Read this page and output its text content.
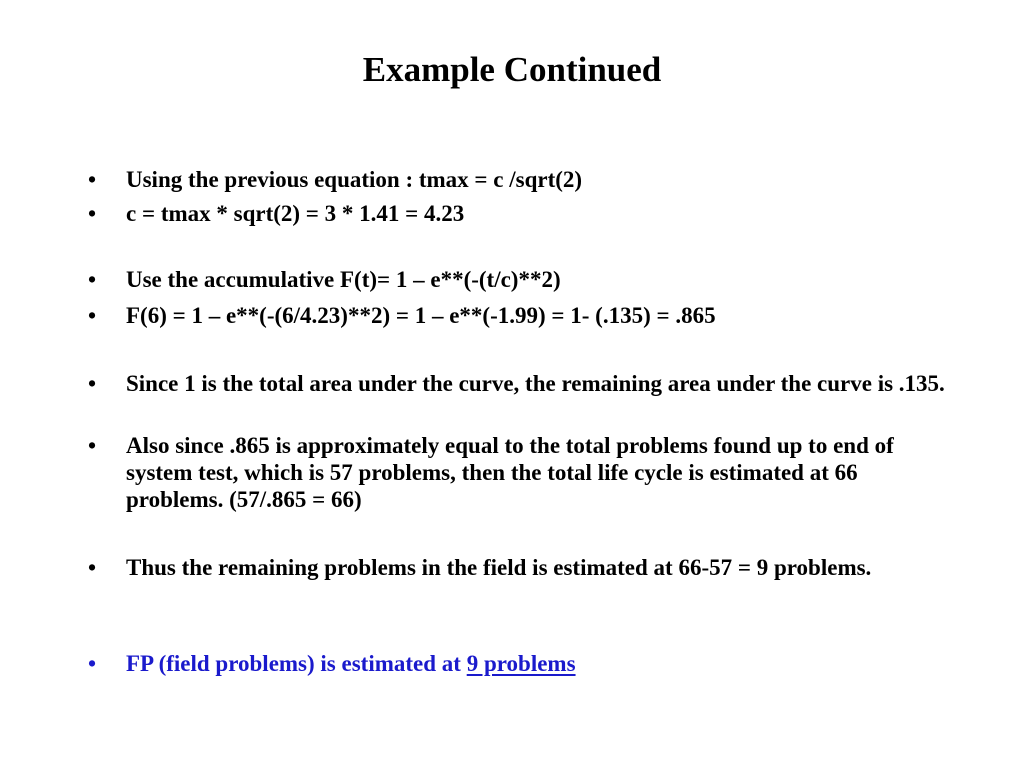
Example Continued
•	Using the previous equation : tmax = c /sqrt(2)
•	c = tmax * sqrt(2) = 3 * 1.41 = 4.23
•	Use the accumulative F(t)= 1 – e**(-(t/c)**2)
•	F(6) = 1 – e**(-(6/4.23)**2) = 1 – e**(-1.99) = 1- (.135) = .865
•	Since 1 is the total area under the curve, the remaining area under the curve is .135.
•	Also since .865 is approximately equal to the total problems found up to end of system test, which is 57 problems, then the total life cycle is estimated at 66 problems. (57/.865 = 66)
•	Thus the remaining problems in the field is estimated at 66-57 = 9 problems.
•	FP (field problems) is estimated at 9 problems
